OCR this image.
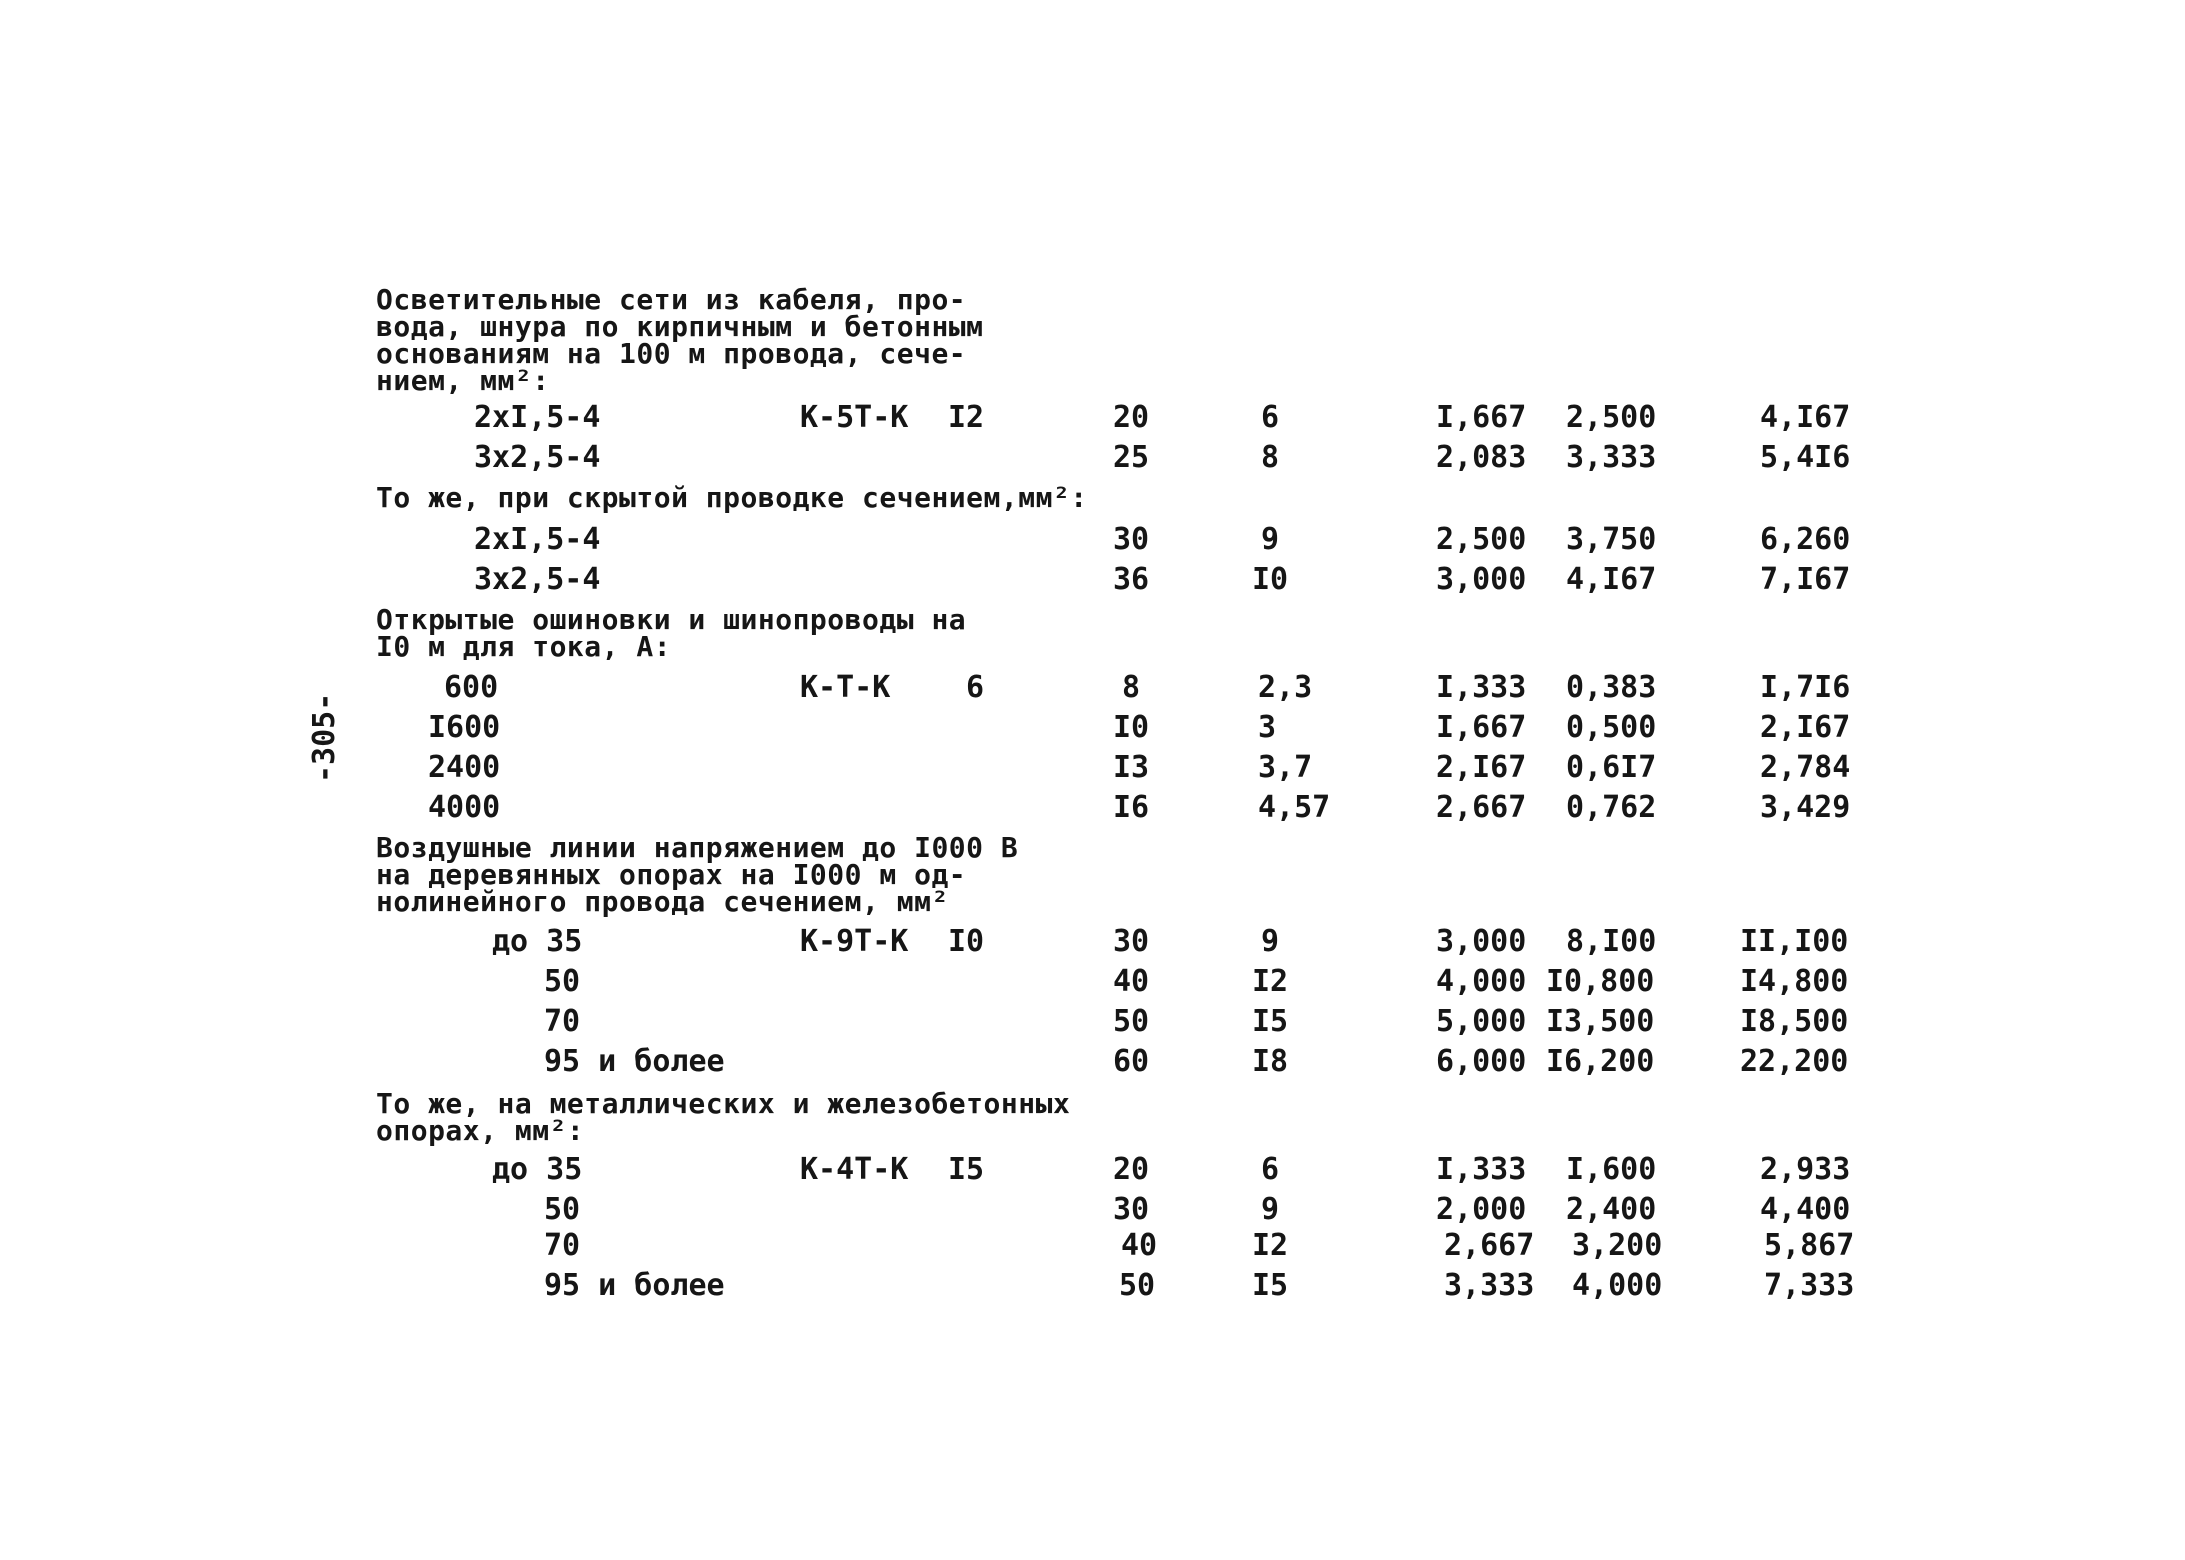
-305-
Осветительные сети из кабеля, про-
вода, шнура по кирпичным и бетонным
основаниям на 100 м провода, сече-
нием, мм²:
2xI,5-4	К-5Т-К I2	20	6	I,667 2,500	4,I67
3x2,5-4	25	8	2,083 3,333	5,4I6
То же, при скрытой проводке сечением,мм²:
2xI,5-4	30	9	2,500 3,750	6,260
3x2,5-4	36	I0	3,000 4,I67	7,I67
Открытые ошиновки и шинопроводы на
I0 м для тока, А:
600	К-Т-К	6	8	2,3	I,333 0,383	I,7I6
I600	I0	3	I,667 0,500	2,I67
2400	I3	3,7	2,I67 0,6I7	2,784
4000	I6	4,57	2,667 0,762	3,429
Воздушные линии напряжением до I000 В
на деревянных опорах на I000 м од-
нолинейного провода сечением, мм²
до 35	К-9Т-К I0	30	9	3,000 8,I00	II,I00
50	40	I2	4,000 I0,800	I4,800
70	50	I5	5,000 I3,500	I8,500
95 и более	60	I8	6,000 I6,200	22,200
То же, на металлических и железобетонных
опорах, мм²:
до 35	К-4Т-К I5	20	6	I,333 I,600	2,933
50	30	9	2,000 2,400	4,400
70	40	I2	2,667 3,200	5,867
95 и более	50	I5	3,333 4,000	7,333
